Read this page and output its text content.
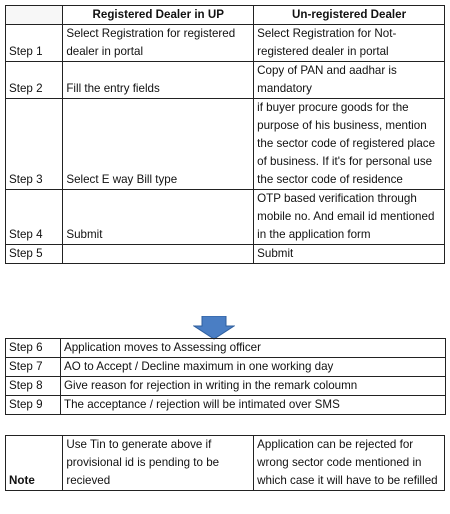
	Registered Dealer in UP	Un-registered Dealer
Step 1	Select Registration for registered dealer in portal	Select Registration for Not-registered dealer in portal
Step 2	Fill the entry fields	Copy of PAN and aadhar is mandatory
Step 3	Select E way Bill type	if buyer procure goods for the purpose of his business, mention the sector code of registered place of business. If it's for personal use the sector code of residence
Step 4	Submit	OTP based verification through mobile no. And email id mentioned in the application form
Step 5		Submit
Step 6	Application moves to Assessing officer
Step 7	AO to Accept / Decline maximum in one working day
Step 8	Give reason for rejection in writing in the remark coloumn
Step 9	The acceptance / rejection will be intimated over SMS
Note	Use Tin to generate above if provisional id is pending to be recieved	Application can be rejected for wrong sector code mentioned in which case it will have to be refilled
